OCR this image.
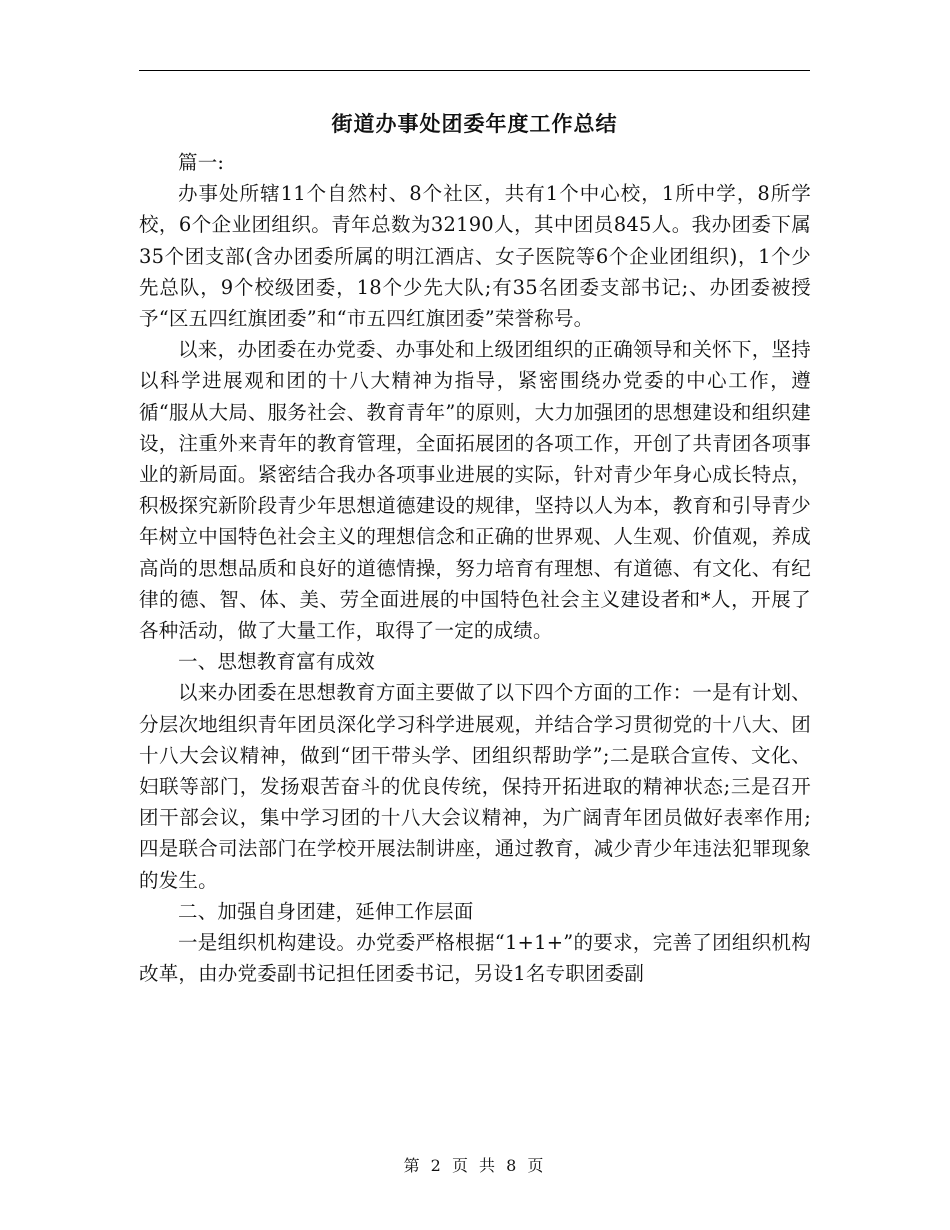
街道办事处团委年度工作总结

篇一:

办事处所辖11个自然村、8个社区，共有1个中心校，1所中学，8所学校，6个企业团组织。青年总数为32190人，其中团员845人。我办团委下属35个团支部(含办团委所属的明江酒店、女子医院等6个企业团组织)，1个少先总队，9个校级团委，18个少先大队;有35名团委支部书记;、办团委被授予“区五四红旗团委”和“市五四红旗团委”荣誉称号。

以来，办团委在办党委、办事处和上级团组织的正确领导和关怀下，坚持以科学进展观和团的十八大精神为指导，紧密围绕办党委的中心工作，遵循“服从大局、服务社会、教育青年”的原则，大力加强团的思想建设和组织建设，注重外来青年的教育管理，全面拓展团的各项工作，开创了共青团各项事业的新局面。紧密结合我办各项事业进展的实际，针对青少年身心成长特点，积极探究新阶段青少年思想道德建设的规律，坚持以人为本，教育和引导青少年树立中国特色社会主义的理想信念和正确的世界观、人生观、价值观，养成高尚的思想品质和良好的道德情操，努力培育有理想、有道德、有文化、有纪律的德、智、体、美、劳全面进展的中国特色社会主义建设者和*人，开展了各种活动，做了大量工作，取得了一定的成绩。

一、思想教育富有成效

以来办团委在思想教育方面主要做了以下四个方面的工作：一是有计划、分层次地组织青年团员深化学习科学进展观，并结合学习贯彻党的十八大、团十八大会议精神，做到“团干带头学、团组织帮助学”;二是联合宣传、文化、妇联等部门，发扬艰苦奋斗的优良传统，保持开拓进取的精神状态;三是召开团干部会议，集中学习团的十八大会议精神，为广阔青年团员做好表率作用;四是联合司法部门在学校开展法制讲座，通过教育，减少青少年违法犯罪现象的发生。

二、加强自身团建，延伸工作层面

一是组织机构建设。办党委严格根据“1+1+”的要求，完善了团组织机构改革，由办党委副书记担任团委书记，另设1名专职团委副

第 2 页 共 8 页
